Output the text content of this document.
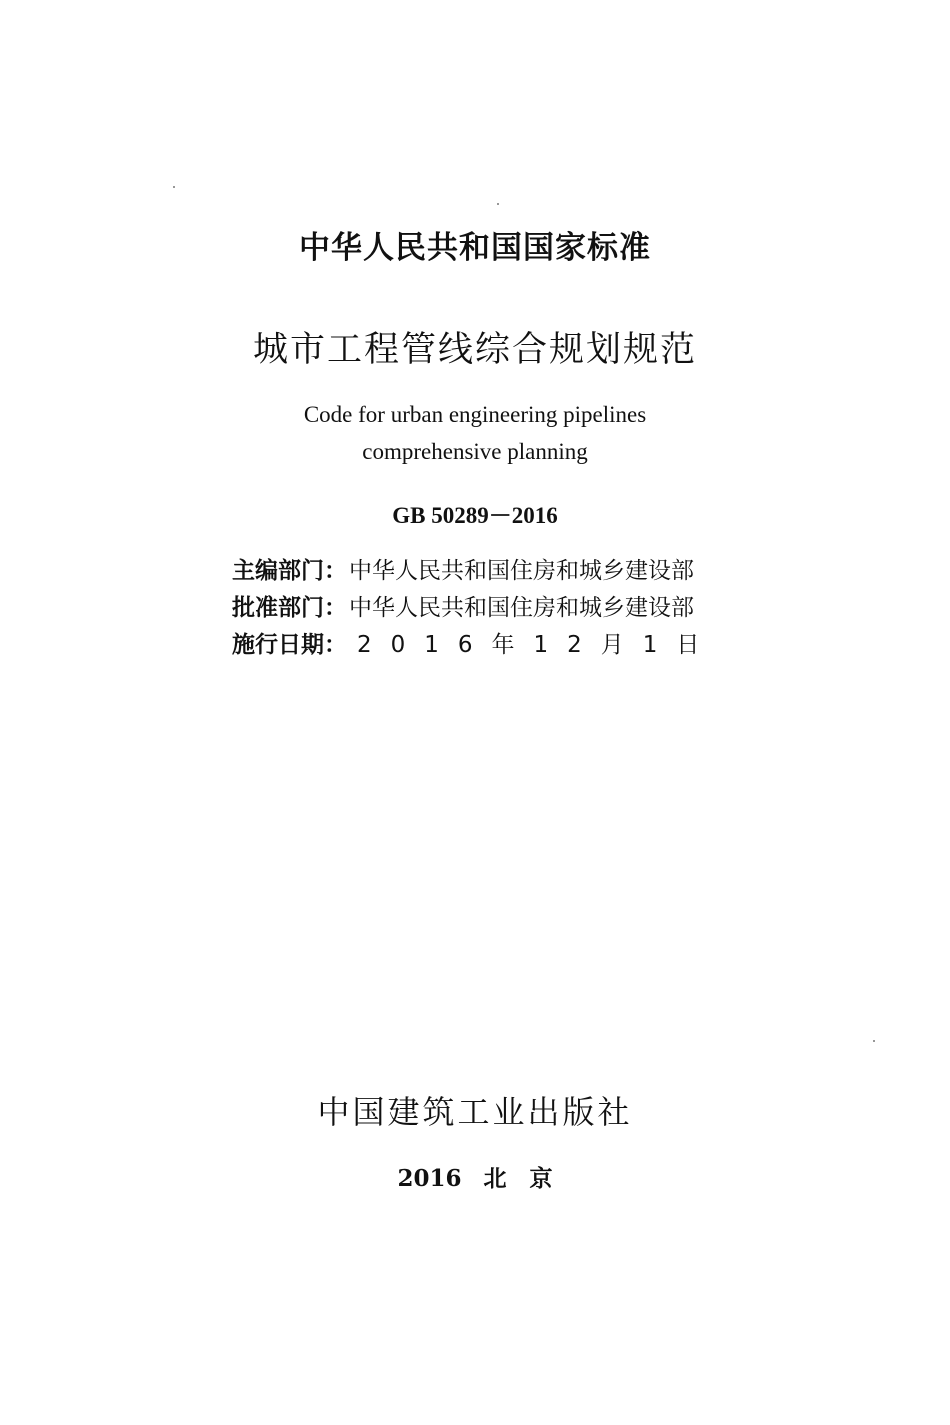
中华人民共和国国家标准
城市工程管线综合规划规范
Code for urban engineering pipelines
comprehensive planning
GB 50289－2016
主编部门： 中华人民共和国住房和城乡建设部
批准部门： 中华人民共和国住房和城乡建设部
施行日期： 2016年12月1日
中国建筑工业出版社
2016 北　京
